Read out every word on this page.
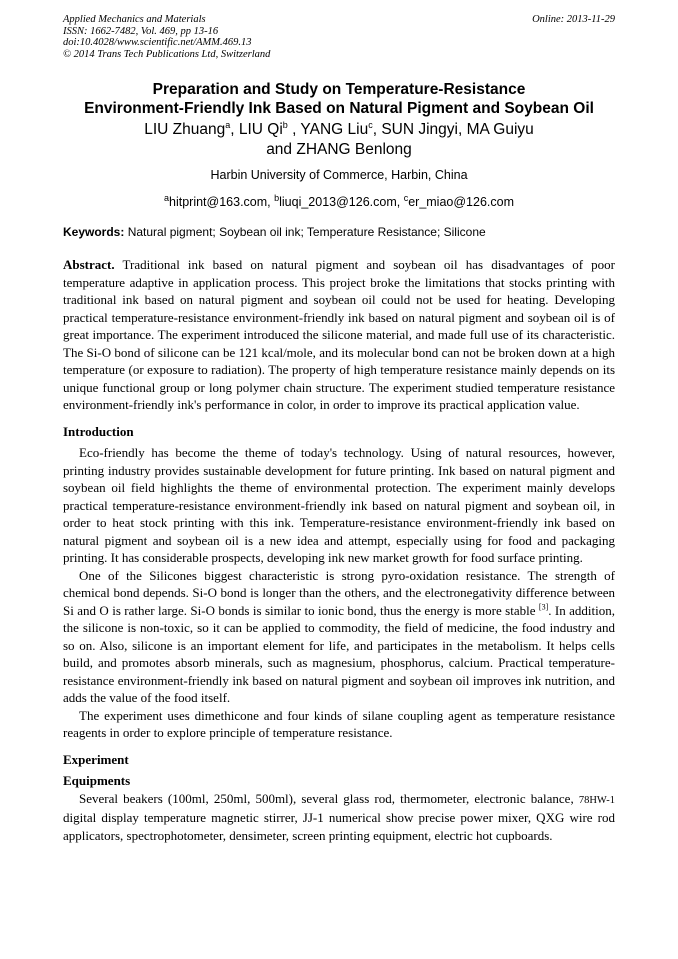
Applied Mechanics and Materials
ISSN: 1662-7482, Vol. 469, pp 13-16
doi:10.4028/www.scientific.net/AMM.469.13
© 2014 Trans Tech Publications Ltd, Switzerland
Online: 2013-11-29
Preparation and Study on Temperature-Resistance
Environment-Friendly Ink Based on Natural Pigment and Soybean Oil
LIU Zhuang$^a$, LIU Qi$^b$ , YANG Liu$^c$, SUN Jingyi, MA Guiyu
and ZHANG Benlong
Harbin University of Commerce, Harbin, China
$^a$hitprint@163.com, $^b$liuqi_2013@126.com, $^c$er_miao@126.com
Keywords: Natural pigment; Soybean oil ink; Temperature Resistance; Silicone

Abstract. Traditional ink based on natural pigment and soybean oil has disadvantages of poor temperature adaptive in application process. This project broke the limitations that stocks printing with traditional ink based on natural pigment and soybean oil could not be used for heating. Developing practical temperature-resistance environment-friendly ink based on natural pigment and soybean oil is of great importance. The experiment introduced the silicone material, and made full use of its characteristic. The Si-O bond of silicone can be 121 kcal/mole, and its molecular bond can not be broken down at a high temperature (or exposure to radiation). The property of high temperature resistance mainly depends on its unique functional group or long polymer chain structure. The experiment studied temperature resistance environment-friendly ink's performance in color, in order to improve its practical application value.

Introduction

Eco-friendly has become the theme of today's technology. Using of natural resources, however, printing industry provides sustainable development for future printing. Ink based on natural pigment and soybean oil field highlights the theme of environmental protection. The experiment mainly develops practical temperature-resistance environment-friendly ink based on natural pigment and soybean oil, in order to heat stock printing with this ink. Temperature-resistance environment-friendly ink based on natural pigment and soybean oil is a new idea and attempt, especially using for food and packaging printing. It has considerable prospects, developing ink new market growth for food surface printing.

One of the Silicones biggest characteristic is strong pyro-oxidation resistance. The strength of chemical bond depends. Si-O bond is longer than the others, and the electronegativity difference between Si and O is rather large. Si-O bonds is similar to ionic bond, thus the energy is more stable [3]. In addition, the silicone is non-toxic, so it can be applied to commodity, the field of medicine, the food industry and so on. Also, silicone is an important element for life, and participates in the metabolism. It helps cells build, and promotes absorb minerals, such as magnesium, phosphorus, calcium. Practical temperature-resistance environment-friendly ink based on natural pigment and soybean oil improves ink nutrition, and adds the value of the food itself.

The experiment uses dimethicone and four kinds of silane coupling agent as temperature resistance reagents in order to explore principle of temperature resistance.

Experiment

Equipments

Several beakers (100ml, 250ml, 500ml), several glass rod, thermometer, electronic balance, 78HW-1 digital display temperature magnetic stirrer, JJ-1 numerical show precise power mixer, QXG wire rod applicators, spectrophotometer, densimeter, screen printing equipment, electric hot cupboards.
